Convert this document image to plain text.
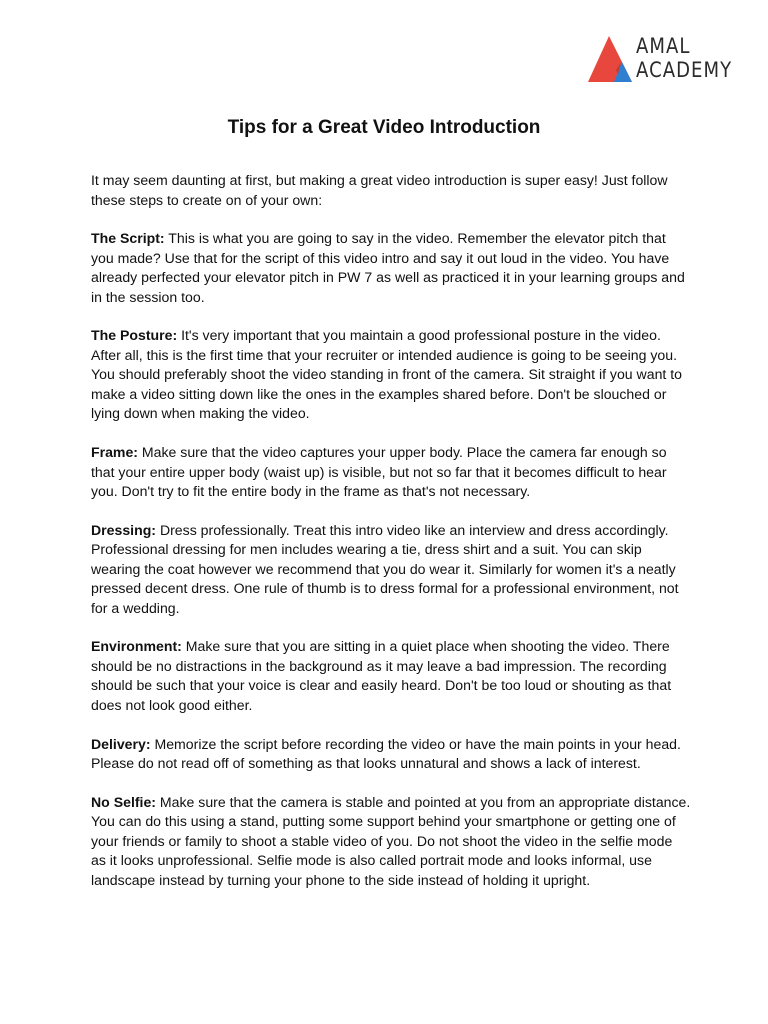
AMAL
ACADEMY
Tips for a Great Video Introduction

It may seem daunting at first, but making a great video introduction is super easy! Just follow these steps to create on of your own:

The Script: This is what you are going to say in the video. Remember the elevator pitch that you made? Use that for the script of this video intro and say it out loud in the video. You have already perfected your elevator pitch in PW 7 as well as practiced it in your learning groups and in the session too.

The Posture: It's very important that you maintain a good professional posture in the video. After all, this is the first time that your recruiter or intended audience is going to be seeing you. You should preferably shoot the video standing in front of the camera. Sit straight if you want to make a video sitting down like the ones in the examples shared before. Don't be slouched or lying down when making the video.

Frame: Make sure that the video captures your upper body. Place the camera far enough so that your entire upper body (waist up) is visible, but not so far that it becomes difficult to hear you. Don't try to fit the entire body in the frame as that's not necessary.

Dressing: Dress professionally. Treat this intro video like an interview and dress accordingly. Professional dressing for men includes wearing a tie, dress shirt and a suit. You can skip wearing the coat however we recommend that you do wear it. Similarly for women it's a neatly pressed decent dress. One rule of thumb is to dress formal for a professional environment, not for a wedding.

Environment: Make sure that you are sitting in a quiet place when shooting the video. There should be no distractions in the background as it may leave a bad impression. The recording should be such that your voice is clear and easily heard. Don't be too loud or shouting as that does not look good either.

Delivery: Memorize the script before recording the video or have the main points in your head. Please do not read off of something as that looks unnatural and shows a lack of interest.

No Selfie: Make sure that the camera is stable and pointed at you from an appropriate distance. You can do this using a stand, putting some support behind your smartphone or getting one of your friends or family to shoot a stable video of you. Do not shoot the video in the selfie mode as it looks unprofessional. Selfie mode is also called portrait mode and looks informal, use landscape instead by turning your phone to the side instead of holding it upright.
